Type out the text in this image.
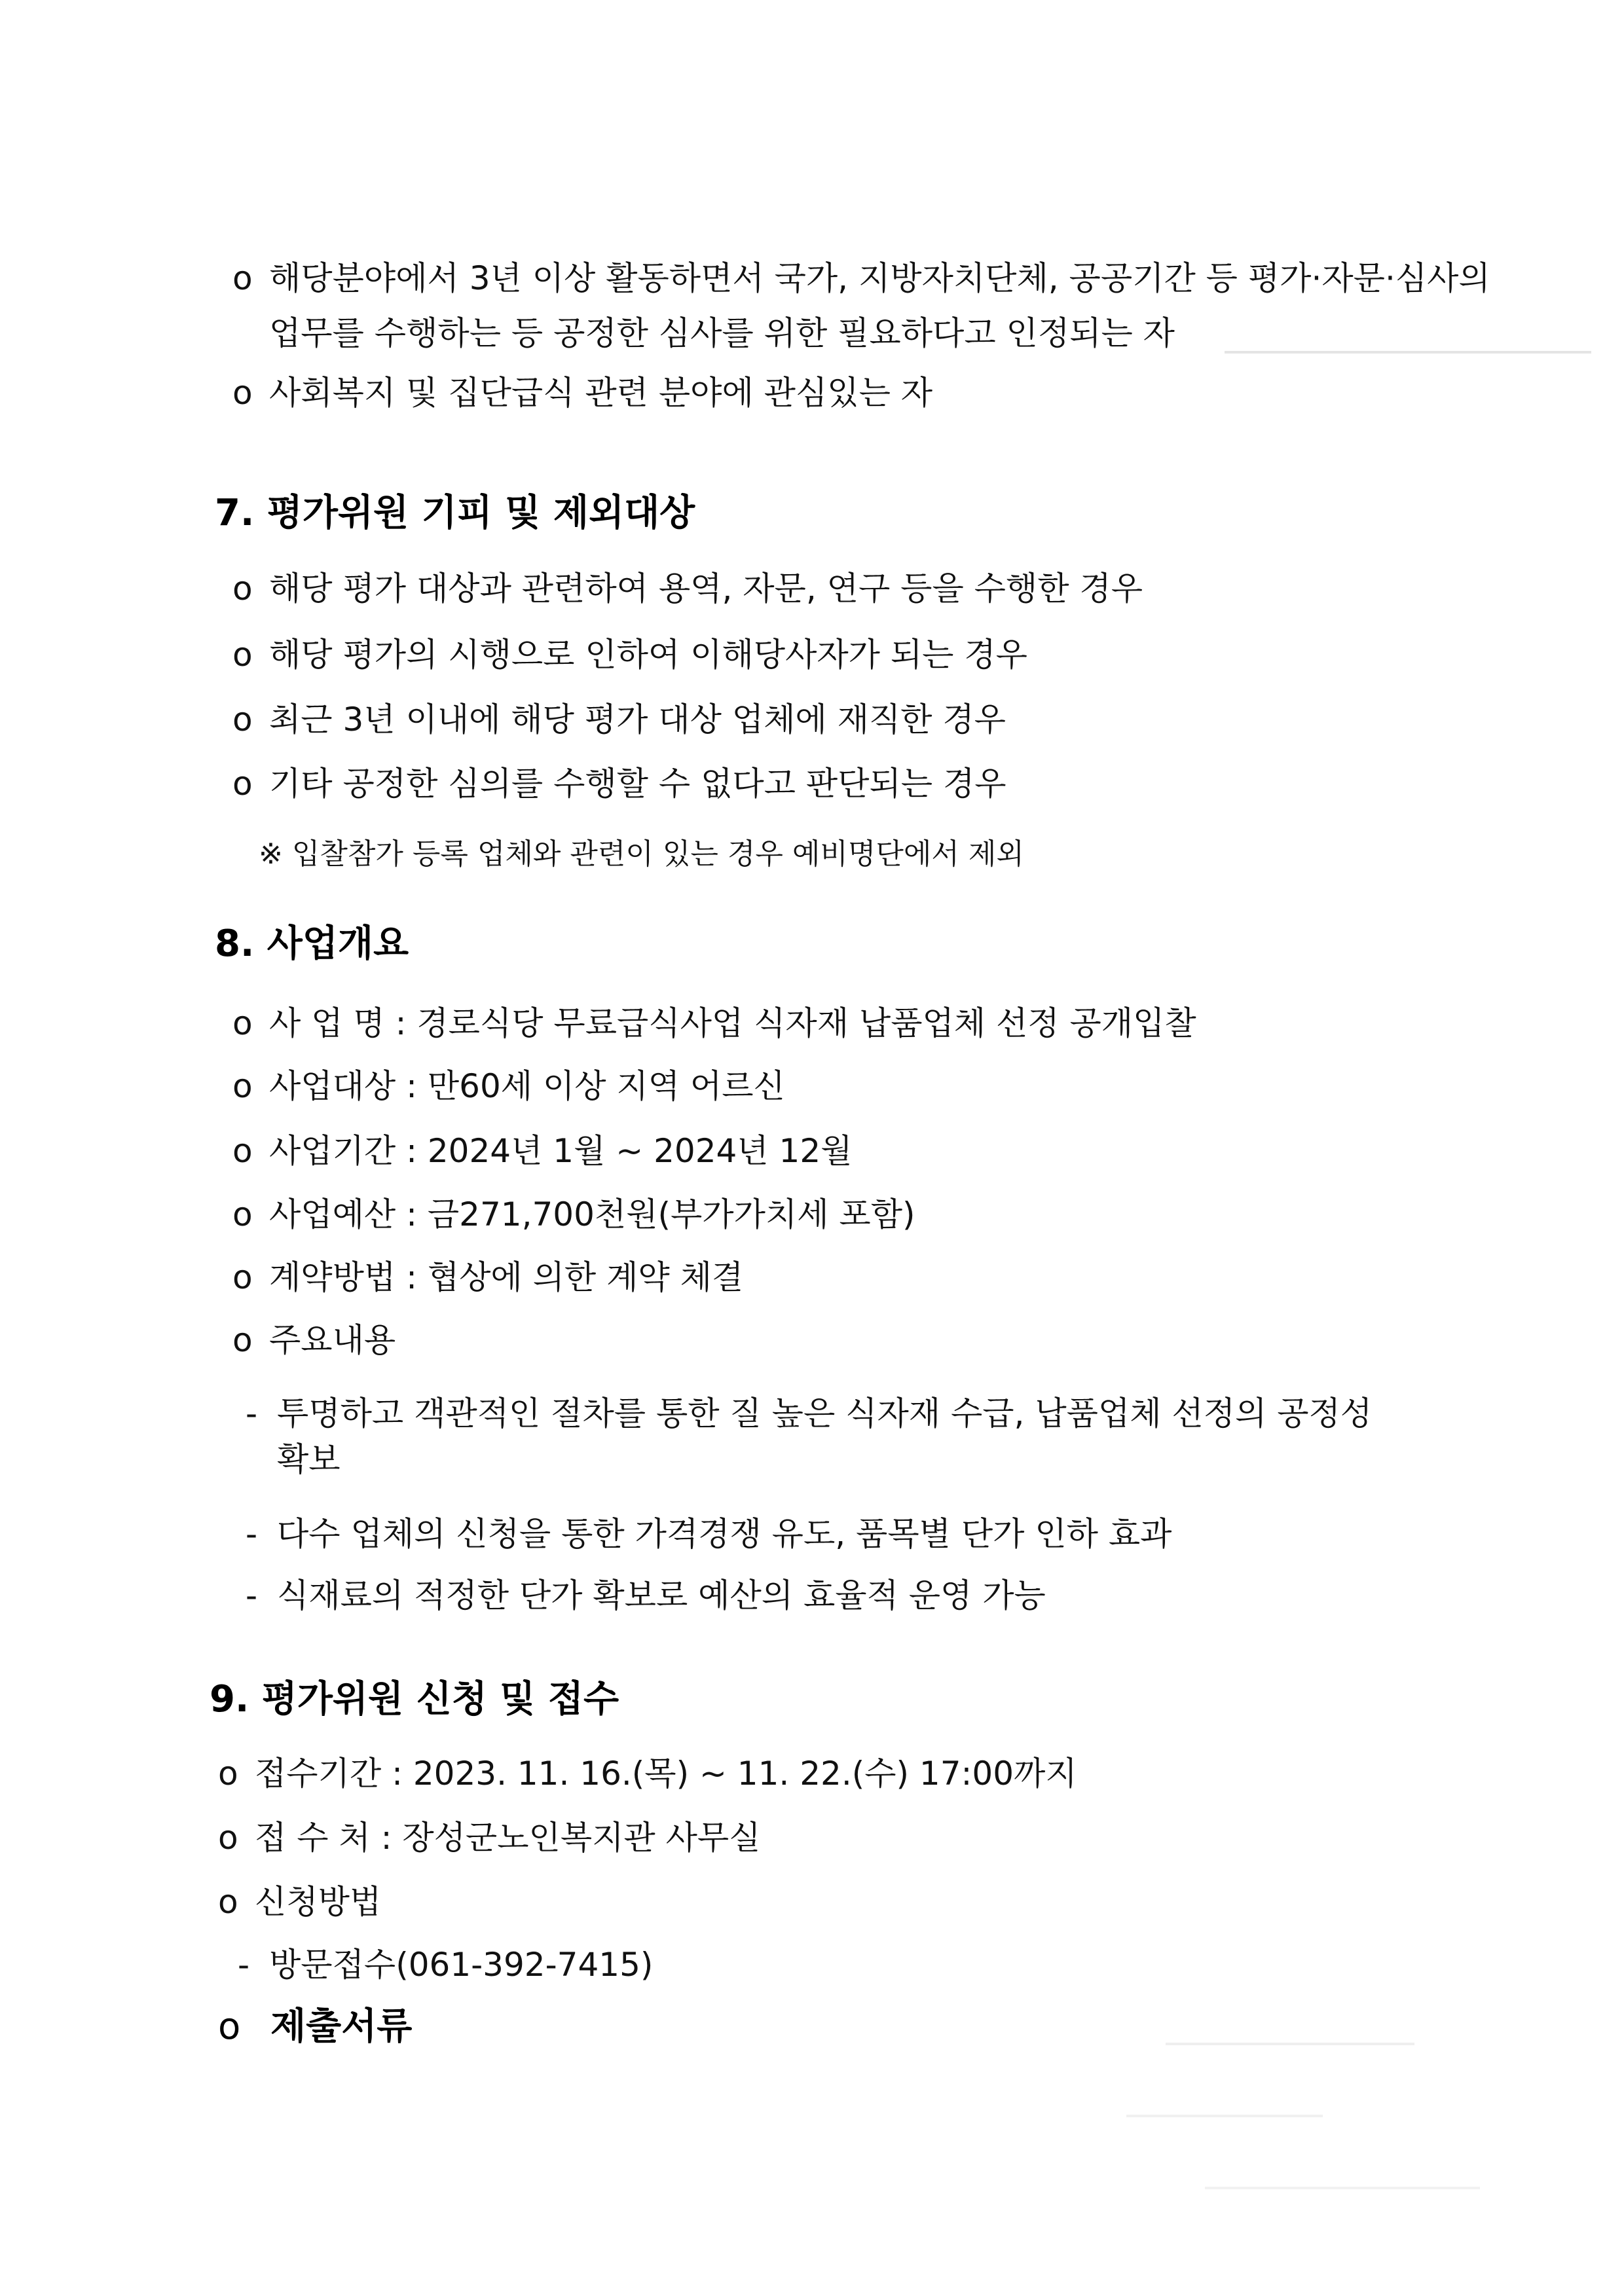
o 해당분야에서 3년 이상 활동하면서 국가, 지방자치단체, 공공기간 등 평가·자문·심사의
업무를 수행하는 등 공정한 심사를 위한 필요하다고 인정되는 자
o 사회복지 및 집단급식 관련 분야에 관심있는 자
7. 평가위원 기피 및 제외대상
o 해당 평가 대상과 관련하여 용역, 자문, 연구 등을 수행한 경우
o 해당 평가의 시행으로 인하여 이해당사자가 되는 경우
o 최근 3년 이내에 해당 평가 대상 업체에 재직한 경우
o 기타 공정한 심의를 수행할 수 없다고 판단되는 경우
※ 입찰참가 등록 업체와 관련이 있는 경우 예비명단에서 제외
8. 사업개요
o 사 업 명 : 경로식당 무료급식사업 식자재 납품업체 선정 공개입찰
o 사업대상 : 만60세 이상 지역 어르신
o 사업기간 : 2024년 1월 ~ 2024년 12월
o 사업예산 : 금271,700천원(부가가치세 포함)
o 계약방법 : 협상에 의한 계약 체결
o 주요내용
- 투명하고 객관적인 절차를 통한 질 높은 식자재 수급, 납품업체 선정의 공정성
확보
- 다수 업체의 신청을 통한 가격경쟁 유도, 품목별 단가 인하 효과
- 식재료의 적정한 단가 확보로 예산의 효율적 운영 가능
9. 평가위원 신청 및 접수
o 접수기간 : 2023. 11. 16.(목) ~ 11. 22.(수) 17:00까지
o 접 수 처 : 장성군노인복지관 사무실
o 신청방법
- 방문접수(061-392-7415)
o 제출서류
